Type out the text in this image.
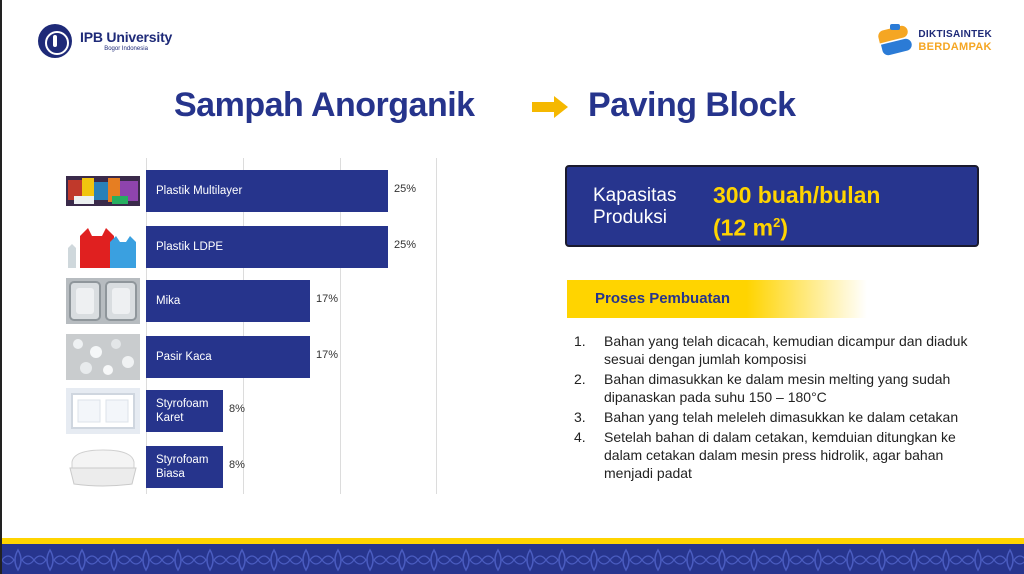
IPB University
Bogor Indonesia
DIKTISAINTEK
BERDAMPAK
Sampah Anorganik	Paving Block
Plastik Multilayer	25%
Plastik LDPE	25%
Mika	17%
Pasir Kaca	17%
Styrofoam Karet
8%
Styrofoam Biasa
8%
Kapasitas Produksi
300 buah/bulan
(12 $m^2$)
Proses Pembuatan
1. Bahan yang telah dicacah, kemudian dicampur dan diaduk sesuai dengan jumlah komposisi
2. Bahan dimasukkan ke dalam mesin melting yang sudah dipanaskan pada suhu 150 – 180°C
3. Bahan yang telah meleleh dimasukkan ke dalam cetakan
4. Setelah bahan di dalam cetakan, kemduian ditungkan ke dalam cetakan dalam mesin press hidrolik, agar bahan menjadi padat
